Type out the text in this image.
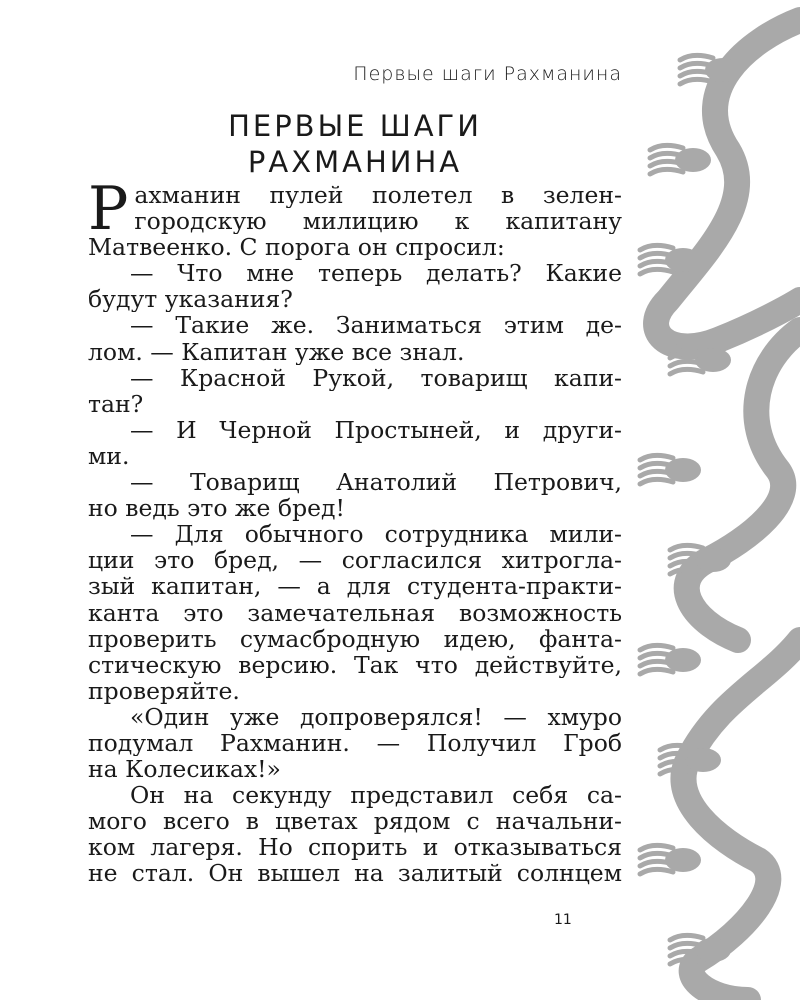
Первые шаги Рахманина
ПЕРВЫЕ ШАГИ
РАХМАНИНА
Р ахманин пулей полетел в зелен-
городскую милицию к капитану
Матвеенко. С порога он спросил:
— Что мне теперь делать? Какие
будут указания?
— Такие же. Заниматься этим де-
лом. — Капитан уже все знал.
— Красной Рукой, товарищ капи-
тан?
— И Черной Простыней, и други-
ми.
— Товарищ Анатолий Петрович,
но ведь это же бред!
— Для обычного сотрудника мили-
ции это бред, — согласился хитрогла-
зый капитан, — а для студента-практи-
канта это замечательная возможность
проверить сумасбродную идею, фанта-
стическую версию. Так что действуйте,
проверяйте.
«Один уже допроверялся! — хмуро
подумал Рахманин. — Получил Гроб
на Колесиках!»
Он на секунду представил себя са-
мого всего в цветах рядом с начальни-
ком лагеря. Но спорить и отказываться
не стал. Он вышел на залитый солнцем
11
